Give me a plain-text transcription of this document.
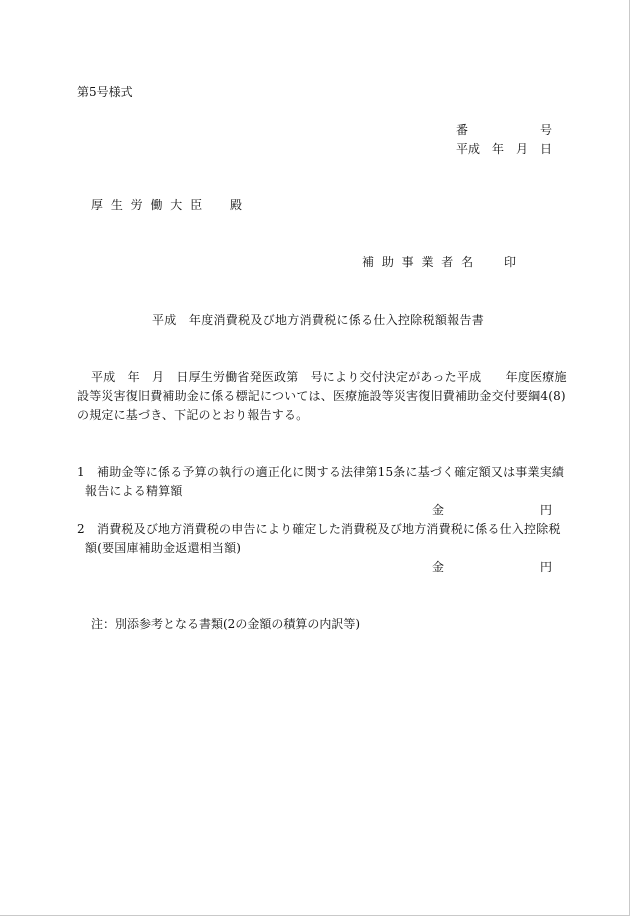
第5号様式
番	号
平成 年 月 日
厚 生 労 働 大 臣 殿
補 助 事 業 者 名 印
平成　年度消費税及び地方消費税に係る仕入控除税額報告書
平成　年　月　日厚生労働省発医政第　号により交付決定があった平成　　年度医療施
設等災害復旧費補助金に係る標記については、医療施設等災害復旧費補助金交付要綱4(8)
の規定に基づき、下記のとおり報告する。
1　補助金等に係る予算の執行の適正化に関する法律第15条に基づく確定額又は事業実績
報告による精算額
金	円
2　消費税及び地方消費税の申告により確定した消費税及び地方消費税に係る仕入控除税
額(要国庫補助金返還相当額)
金	円
注：別添参考となる書類(2の金額の積算の内訳等)
